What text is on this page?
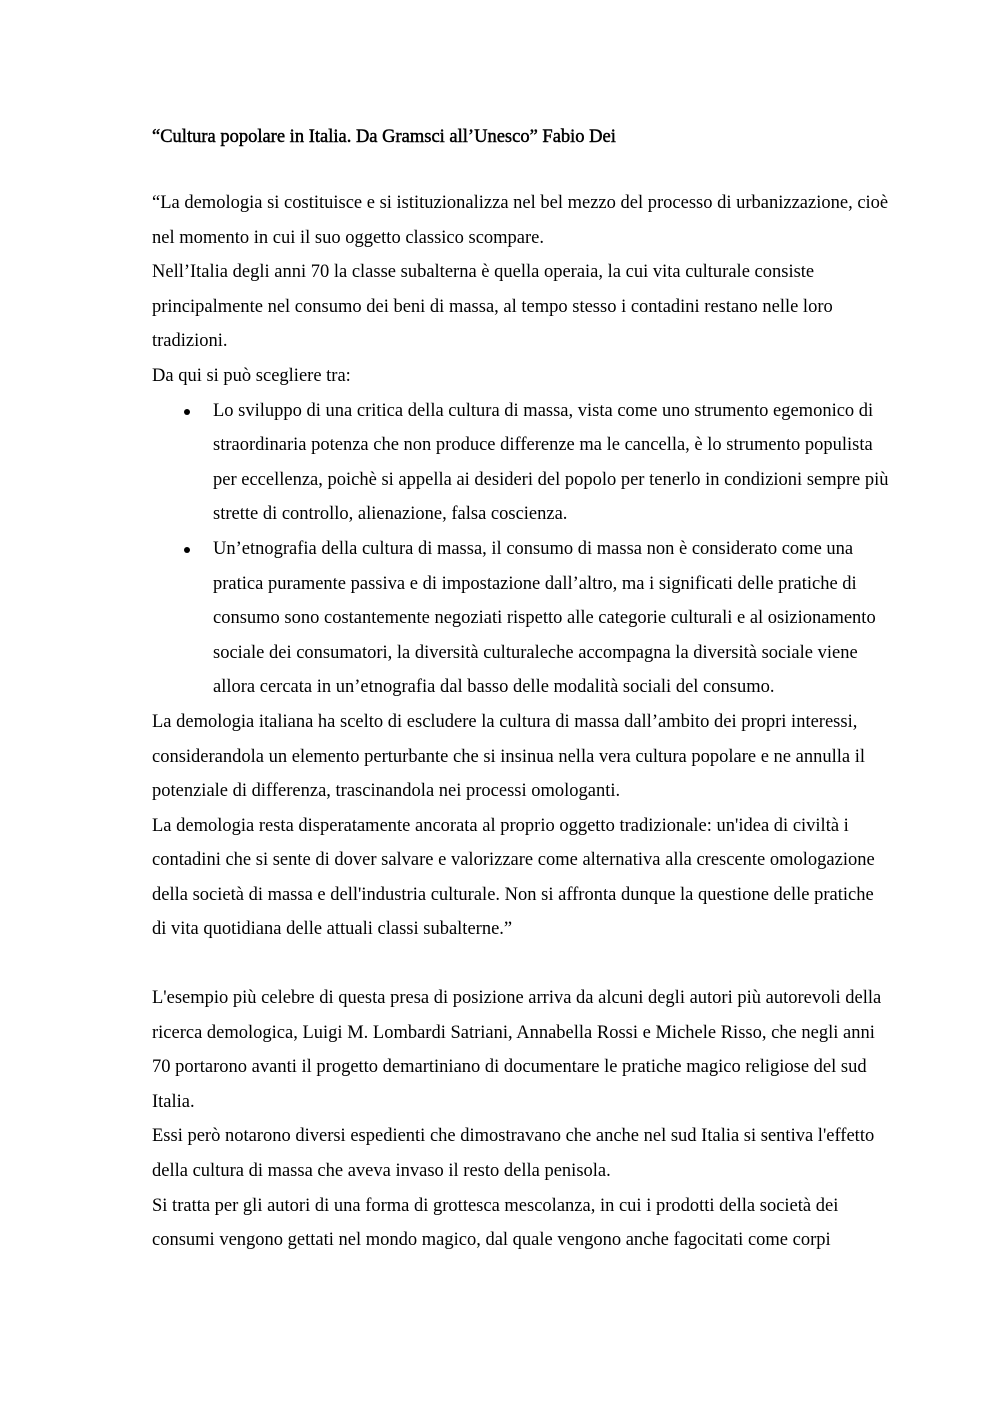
“Cultura popolare in Italia. Da Gramsci all’Unesco” Fabio Dei

“La demologia si costituisce e si istituzionalizza nel bel mezzo del processo di urbanizzazione, cioè nel momento in cui il suo oggetto classico scompare.

Nell’Italia degli anni 70 la classe subalterna è quella operaia, la cui vita culturale consiste principalmente nel consumo dei beni di massa, al tempo stesso i contadini restano nelle loro tradizioni.

Da qui si può scegliere tra:

Lo sviluppo di una critica della cultura di massa, vista come uno strumento egemonico di straordinaria potenza che non produce differenze ma le cancella, è lo strumento populista per eccellenza, poichè si appella ai desideri del popolo per tenerlo in condizioni sempre più strette di controllo, alienazione, falsa coscienza.
Un’etnografia della cultura di massa, il consumo di massa non è considerato come una pratica puramente passiva e di impostazione dall’altro, ma i significati delle pratiche di consumo sono costantemente negoziati rispetto alle categorie culturali e al osizionamento sociale dei consumatori, la diversità culturaleche accompagna la diversità sociale viene allora cercata in un’etnografia dal basso delle modalità sociali del consumo.

La demologia italiana ha scelto di escludere la cultura di massa dall’ambito dei propri interessi, considerandola un elemento perturbante che si insinua nella vera cultura popolare e ne annulla il potenziale di differenza, trascinandola nei processi omologanti.

La demologia resta disperatamente ancorata al proprio oggetto tradizionale: un'idea di civiltà i contadini che si sente di dover salvare e valorizzare come alternativa alla crescente omologazione della società di massa e dell'industria culturale. Non si affronta dunque la questione delle pratiche di vita quotidiana delle attuali classi subalterne.”

L'esempio più celebre di questa presa di posizione arriva da alcuni degli autori più autorevoli della ricerca demologica, Luigi M. Lombardi Satriani, Annabella Rossi e Michele Risso, che negli anni 70 portarono avanti il progetto demartiniano di documentare le pratiche magico religiose del sud Italia.

Essi però notarono diversi espedienti che dimostravano che anche nel sud Italia si sentiva l'effetto della cultura di massa che aveva invaso il resto della penisola.

Si tratta per gli autori di una forma di grottesca mescolanza, in cui i prodotti della società dei consumi vengono gettati nel mondo magico, dal quale vengono anche fagocitati come corpi
